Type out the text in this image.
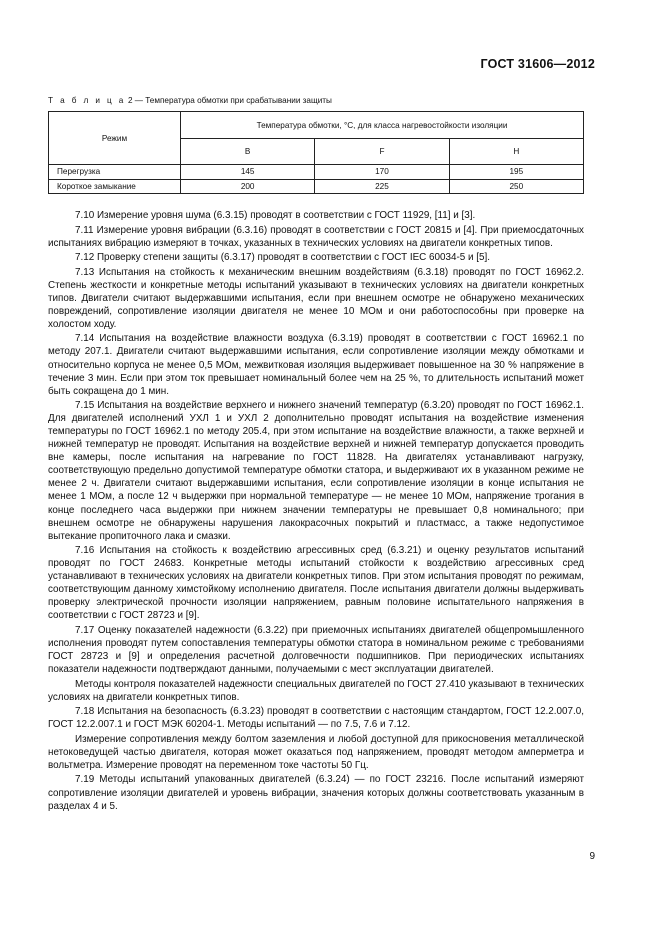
ГОСТ 31606—2012
Т а б л и ц а 2 — Температура обмотки при срабатывании защиты
Режим	Температура обмотки, °С, для класса нагревостойкости изоляции		
	В	F	Н
Перегрузка	145	170	195
Короткое замыкание	200	225	250

7.10 Измерение уровня шума (6.3.15) проводят в соответствии с ГОСТ 11929, [11] и [3].

7.11 Измерение уровня вибрации (6.3.16) проводят в соответствии с ГОСТ 20815 и [4]. При приемосдаточных испытаниях вибрацию измеряют в точках, указанных в технических условиях на двигатели конкретных типов.

7.12 Проверку степени защиты (6.3.17) проводят в соответствии с ГОСТ IEC 60034-5 и [5].

7.13 Испытания на стойкость к механическим внешним воздействиям (6.3.18) проводят по ГОСТ 16962.2. Степень жесткости и конкретные методы испытаний указывают в технических условиях на двигатели конкретных типов. Двигатели считают выдержавшими испытания, если при внешнем осмотре не обнаружено механических повреждений, сопротивление изоляции двигателя не менее 10 МОм и они работоспособны при проверке на холостом ходу.

7.14 Испытания на воздействие влажности воздуха (6.3.19) проводят в соответствии с ГОСТ 16962.1 по методу 207.1. Двигатели считают выдержавшими испытания, если сопротивление изоляции между обмотками и относительно корпуса не менее 0,5 МОм, межвитковая изоляция выдерживает повышенное на 30 % напряжение в течение 3 мин. Если при этом ток превышает номинальный более чем на 25 %, то длительность испытаний может быть сокращена до 1 мин.

7.15 Испытания на воздействие верхнего и нижнего значений температур (6.3.20) проводят по ГОСТ 16962.1. Для двигателей исполнений УХЛ 1 и УХЛ 2 дополнительно проводят испытания на воздействие изменения температуры по ГОСТ 16962.1 по методу 205.4, при этом испытание на воздействие влажности, а также верхней и нижней температур не проводят. Испытания на воздействие верхней и нижней температур допускается проводить вне камеры, после испытания на нагревание по ГОСТ 11828. На двигателях устанавливают нагрузку, соответствующую предельно допустимой температуре обмотки статора, и выдерживают их в указанном режиме не менее 2 ч. Двигатели считают выдержавшими испытания, если сопротивление изоляции в конце испытания не менее 1 МОм, а после 12 ч выдержки при нормальной температуре — не менее 10 МОм, напряжение трогания в конце последнего часа выдержки при нижнем значении температуры не превышает 0,8 номинального; при внешнем осмотре не обнаружены нарушения лакокрасочных покрытий и пластмасс, а также недопустимое вытекание пропиточного лака и смазки.

7.16 Испытания на стойкость к воздействию агрессивных сред (6.3.21) и оценку результатов испытаний проводят по ГОСТ 24683. Конкретные методы испытаний стойкости к воздействию агрессивных сред устанавливают в технических условиях на двигатели конкретных типов. При этом испытания проводят по режимам, соответствующим данному химстойкому исполнению двигателя. После испытания двигатели должны выдерживать проверку электрической прочности изоляции напряжением, равным половине испытательного напряжения в соответствии с ГОСТ 28723 и [9].

7.17 Оценку показателей надежности (6.3.22) при приемочных испытаниях двигателей общепромышленного исполнения проводят путем сопоставления температуры обмотки статора в номинальном режиме с требованиями ГОСТ 28723 и [9] и определения расчетной долговечности подшипников. При периодических испытаниях показатели надежности подтверждают данными, получаемыми с мест эксплуатации двигателей.

Методы контроля показателей надежности специальных двигателей по ГОСТ 27.410 указывают в технических условиях на двигатели конкретных типов.

7.18 Испытания на безопасность (6.3.23) проводят в соответствии с настоящим стандартом, ГОСТ 12.2.007.0, ГОСТ 12.2.007.1 и ГОСТ МЭК 60204-1. Методы испытаний — по 7.5, 7.6 и 7.12.

Измерение сопротивления между болтом заземления и любой доступной для прикосновения металлической нетоковедущей частью двигателя, которая может оказаться под напряжением, проводят методом амперметра и вольтметра. Измерение проводят на переменном токе частоты 50 Гц.

7.19 Методы испытаний упакованных двигателей (6.3.24) — по ГОСТ 23216. После испытаний измеряют сопротивление изоляции двигателей и уровень вибрации, значения которых должны соответствовать указанным в разделах 4 и 5.

9
